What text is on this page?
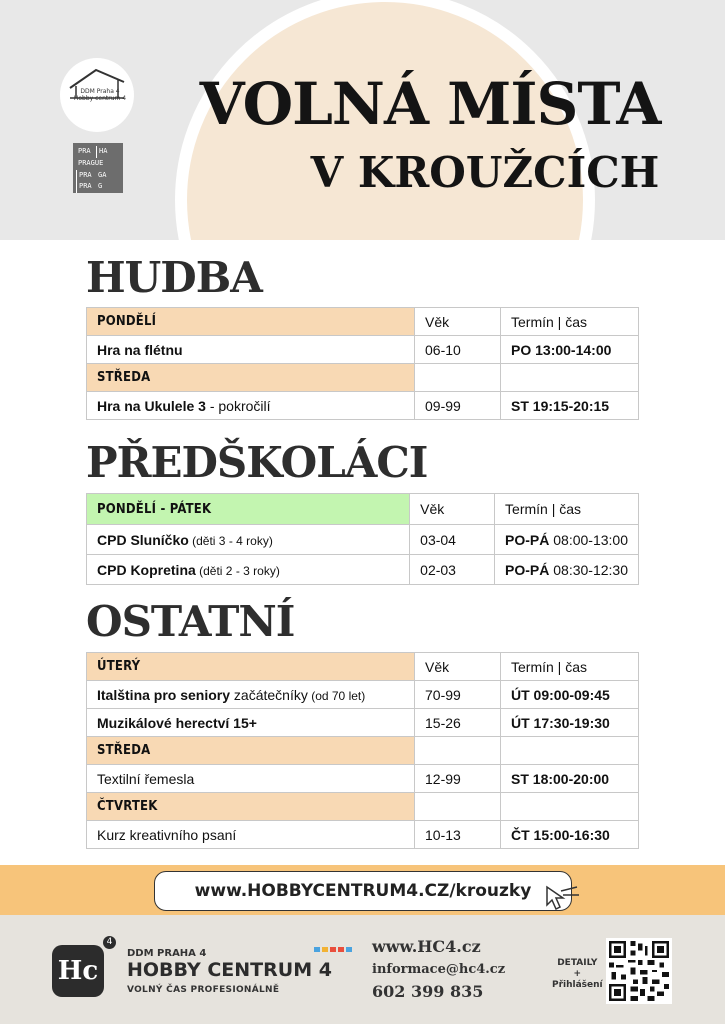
DDM Praha 4 Hobby centrum 4
PRA	HA
PRAGUE
PRA GA
PRA G
VOLNÁ MÍSTA
V KROUŽCÍCH
HUDBA
PONDĚLÍ	Věk	Termín | čas
Hra na flétnu	06-10	PO 13:00-14:00
STŘEDA		
Hra na Ukulele 3 - pokročilí	09-99	ST 19:15-20:15
PŘEDŠKOLÁCI
PONDĚLÍ - PÁTEK	Věk	Termín | čas
CPD Sluníčko (děti 3 - 4 roky)	03-04	PO-PÁ 08:00-13:00
CPD Kopretina (děti 2 - 3 roky)	02-03	PO-PÁ 08:30-12:30
OSTATNÍ
ÚTERÝ	Věk	Termín | čas
Italština pro seniory začátečníky (od 70 let)	70-99	ÚT 09:00-09:45
Muzikálové herectví 15+	15-26	ÚT 17:30-19:30
STŘEDA		
Textilní řemesla	12-99	ST 18:00-20:00
ČTVRTEK		
Kurz kreativního psaní	10-13	ČT 15:00-16:30
www.HOBBYCENTRUM4.CZ/krouzky
Hc
4
DDM PRAHA 4
HOBBY CENTRUM 4
VOLNÝ ČAS PROFESIONÁLNĚ
www.HC4.cz
informace@hc4.cz
602 399 835
DETAILY
+
Přihlášení
